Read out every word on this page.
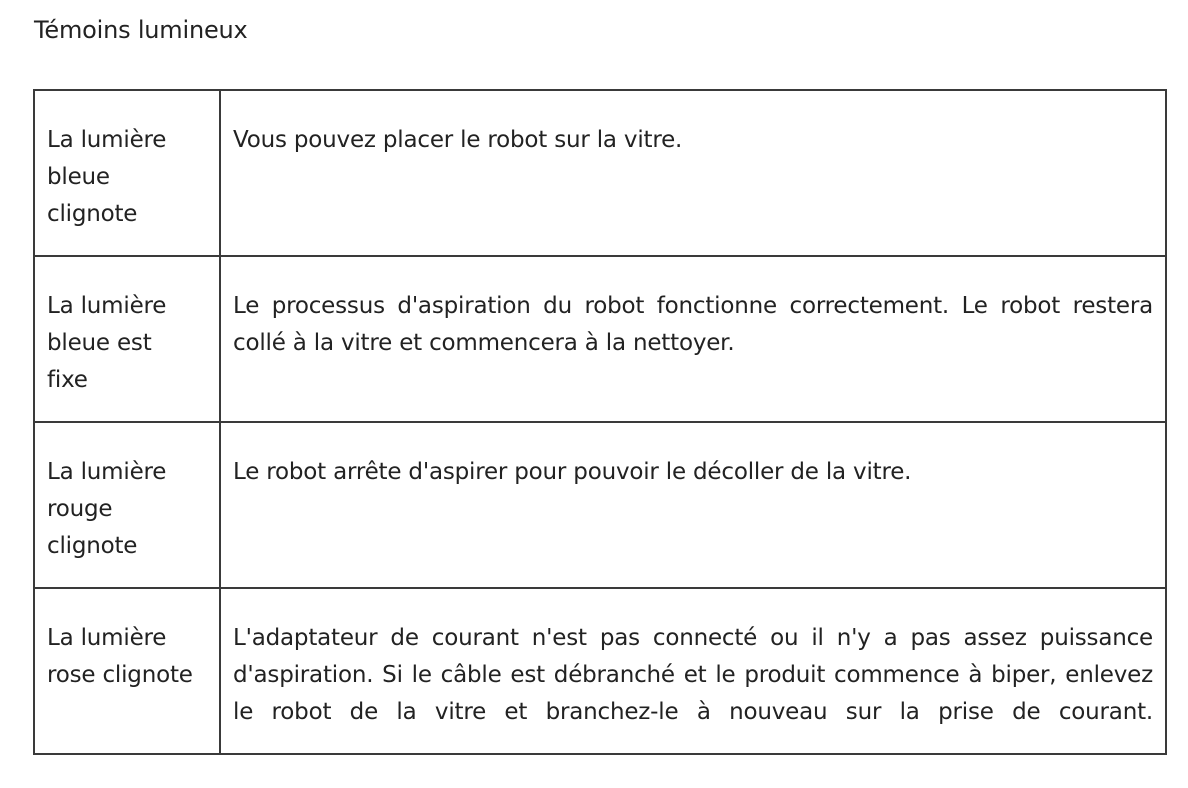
Témoins lumineux
La lumière
bleue
clignote	Vous pouvez placer le robot sur la vitre.
La lumière
bleue est
fixe	Le processus d'aspiration du robot fonctionne correctement. Le robot restera collé à la vitre et commencera à la nettoyer.
La lumière
rouge
clignote	Le robot arrête d'aspirer pour pouvoir le décoller de la vitre.
La lumière
rose clignote	L'adaptateur de courant n'est pas connecté ou il n'y a pas assez puissance d'aspiration. Si le câble est débranché et le produit commence à biper, enlevez le robot de la vitre et branchez-le à nouveau sur la prise de courant.
